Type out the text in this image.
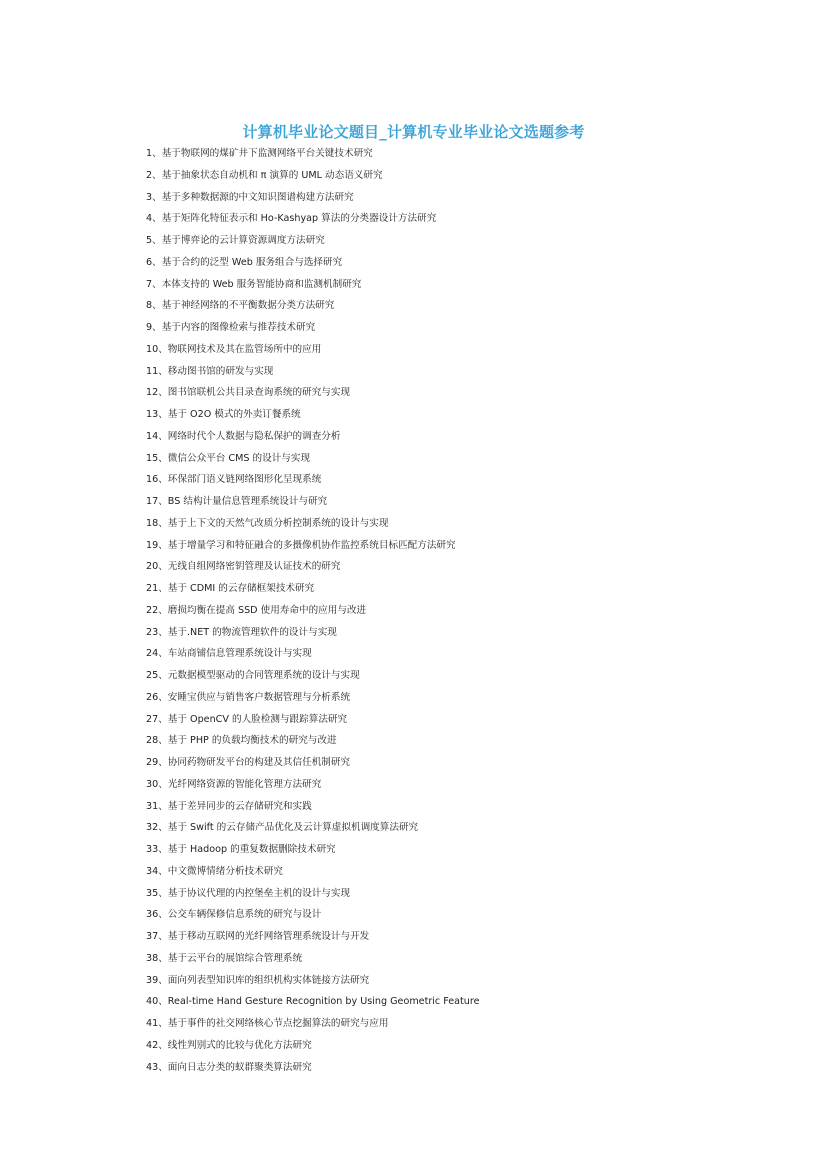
计算机毕业论文题目_计算机专业毕业论文选题参考
1、基于物联网的煤矿井下监测网络平台关键技术研究
2、基于抽象状态自动机和 π 演算的 UML 动态语义研究
3、基于多种数据源的中文知识图谱构建方法研究
4、基于矩阵化特征表示和 Ho-Kashyap 算法的分类器设计方法研究
5、基于博弈论的云计算资源调度方法研究
6、基于合约的泛型 Web 服务组合与选择研究
7、本体支持的 Web 服务智能协商和监测机制研究
8、基于神经网络的不平衡数据分类方法研究
9、基于内容的图像检索与推荐技术研究
10、物联网技术及其在监管场所中的应用
11、移动图书馆的研发与实现
12、图书馆联机公共目录查询系统的研究与实现
13、基于 O2O 模式的外卖订餐系统
14、网络时代个人数据与隐私保护的调查分析
15、微信公众平台 CMS 的设计与实现
16、环保部门语义链网络图形化呈现系统
17、BS 结构计量信息管理系统设计与研究
18、基于上下文的天然气改质分析控制系统的设计与实现
19、基于增量学习和特征融合的多摄像机协作监控系统目标匹配方法研究
20、无线自组网络密钥管理及认证技术的研究
21、基于 CDMI 的云存储框架技术研究
22、磨损均衡在提高 SSD 使用寿命中的应用与改进
23、基于.NET 的物流管理软件的设计与实现
24、车站商铺信息管理系统设计与实现
25、元数据模型驱动的合同管理系统的设计与实现
26、安睡宝供应与销售客户数据管理与分析系统
27、基于 OpenCV 的人脸检测与跟踪算法研究
28、基于 PHP 的负载均衡技术的研究与改进
29、协同药物研发平台的构建及其信任机制研究
30、光纤网络资源的智能化管理方法研究
31、基于差异同步的云存储研究和实践
32、基于 Swift 的云存储产品优化及云计算虚拟机调度算法研究
33、基于 Hadoop 的重复数据删除技术研究
34、中文微博情绪分析技术研究
35、基于协议代理的内控堡垒主机的设计与实现
36、公交车辆保修信息系统的研究与设计
37、基于移动互联网的光纤网络管理系统设计与开发
38、基于云平台的展馆综合管理系统
39、面向列表型知识库的组织机构实体链接方法研究
40、Real-time Hand Gesture Recognition by Using Geometric Feature
41、基于事件的社交网络核心节点挖掘算法的研究与应用
42、线性判别式的比较与优化方法研究
43、面向日志分类的蚁群聚类算法研究
